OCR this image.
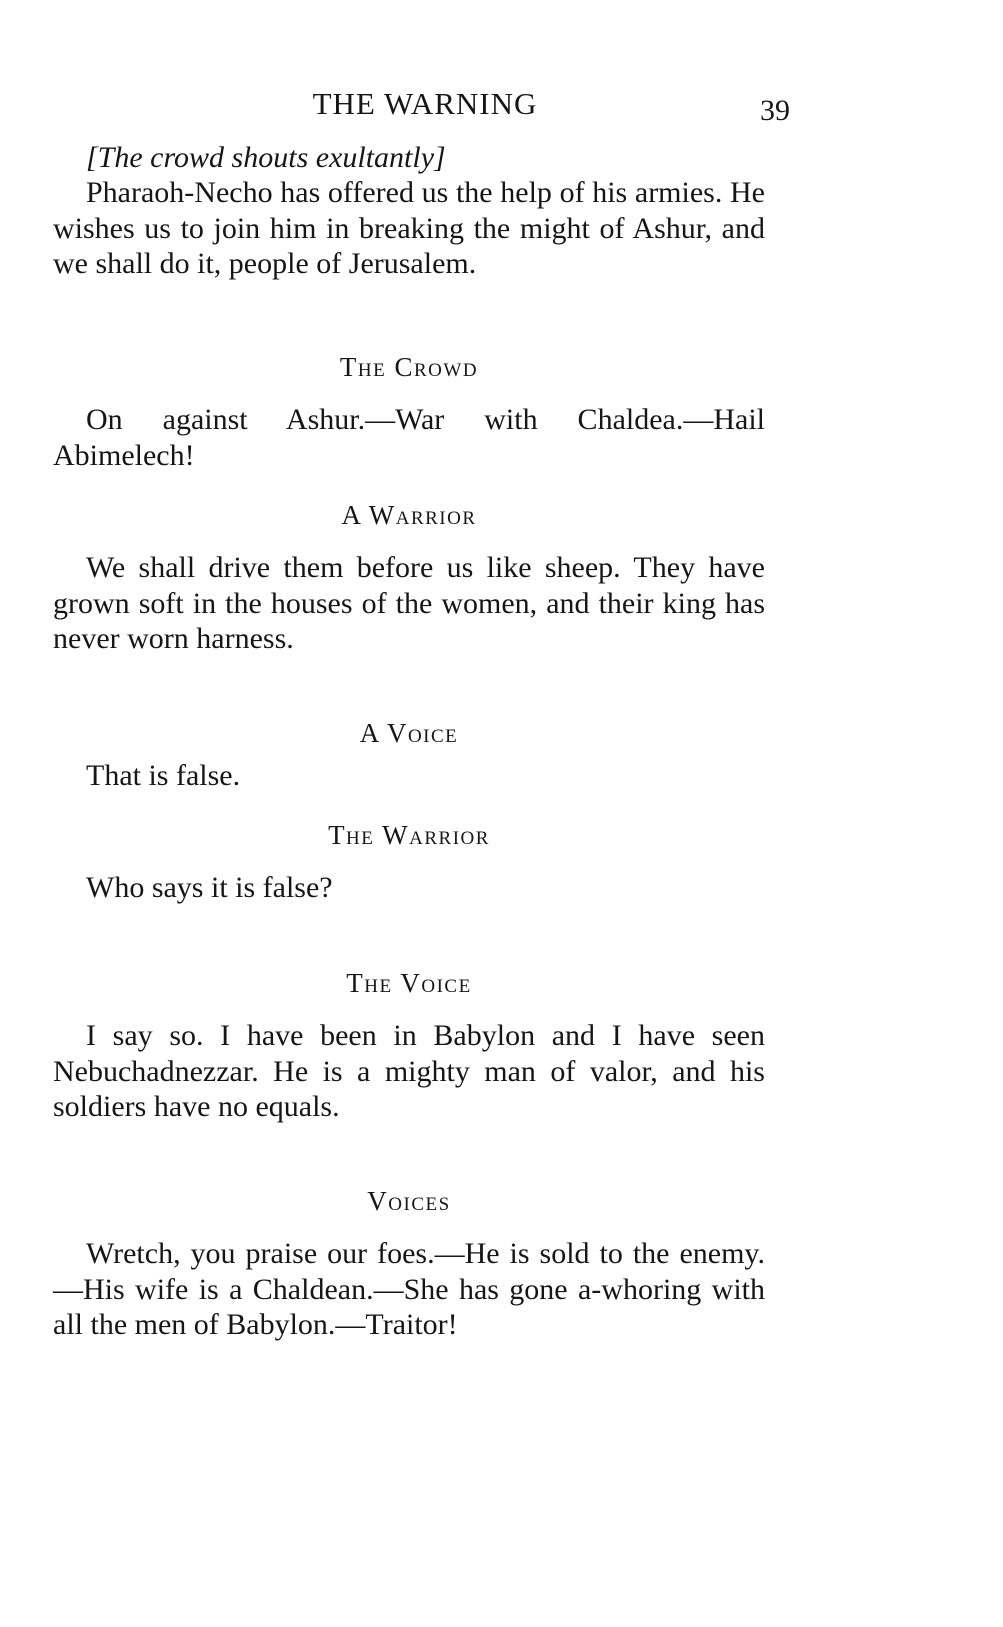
THE WARNING	39

[The crowd shouts exultantly]

Pharaoh-Necho has offered us the help of his armies. He wishes us to join him in breaking the might of Ashur, and we shall do it, people of Jerusalem.

The Crowd

On against Ashur.—War with Chaldea.—Hail Abimelech!

A Warrior

We shall drive them before us like sheep. They have grown soft in the houses of the women, and their king has never worn harness.

A Voice

That is false.

The Warrior

Who says it is false?

The Voice

I say so. I have been in Babylon and I have seen Nebuchadnezzar. He is a mighty man of valor, and his soldiers have no equals.

Voices

Wretch, you praise our foes.—He is sold to the enemy.—His wife is a Chaldean.—She has gone a-whoring with all the men of Babylon.—Traitor!
